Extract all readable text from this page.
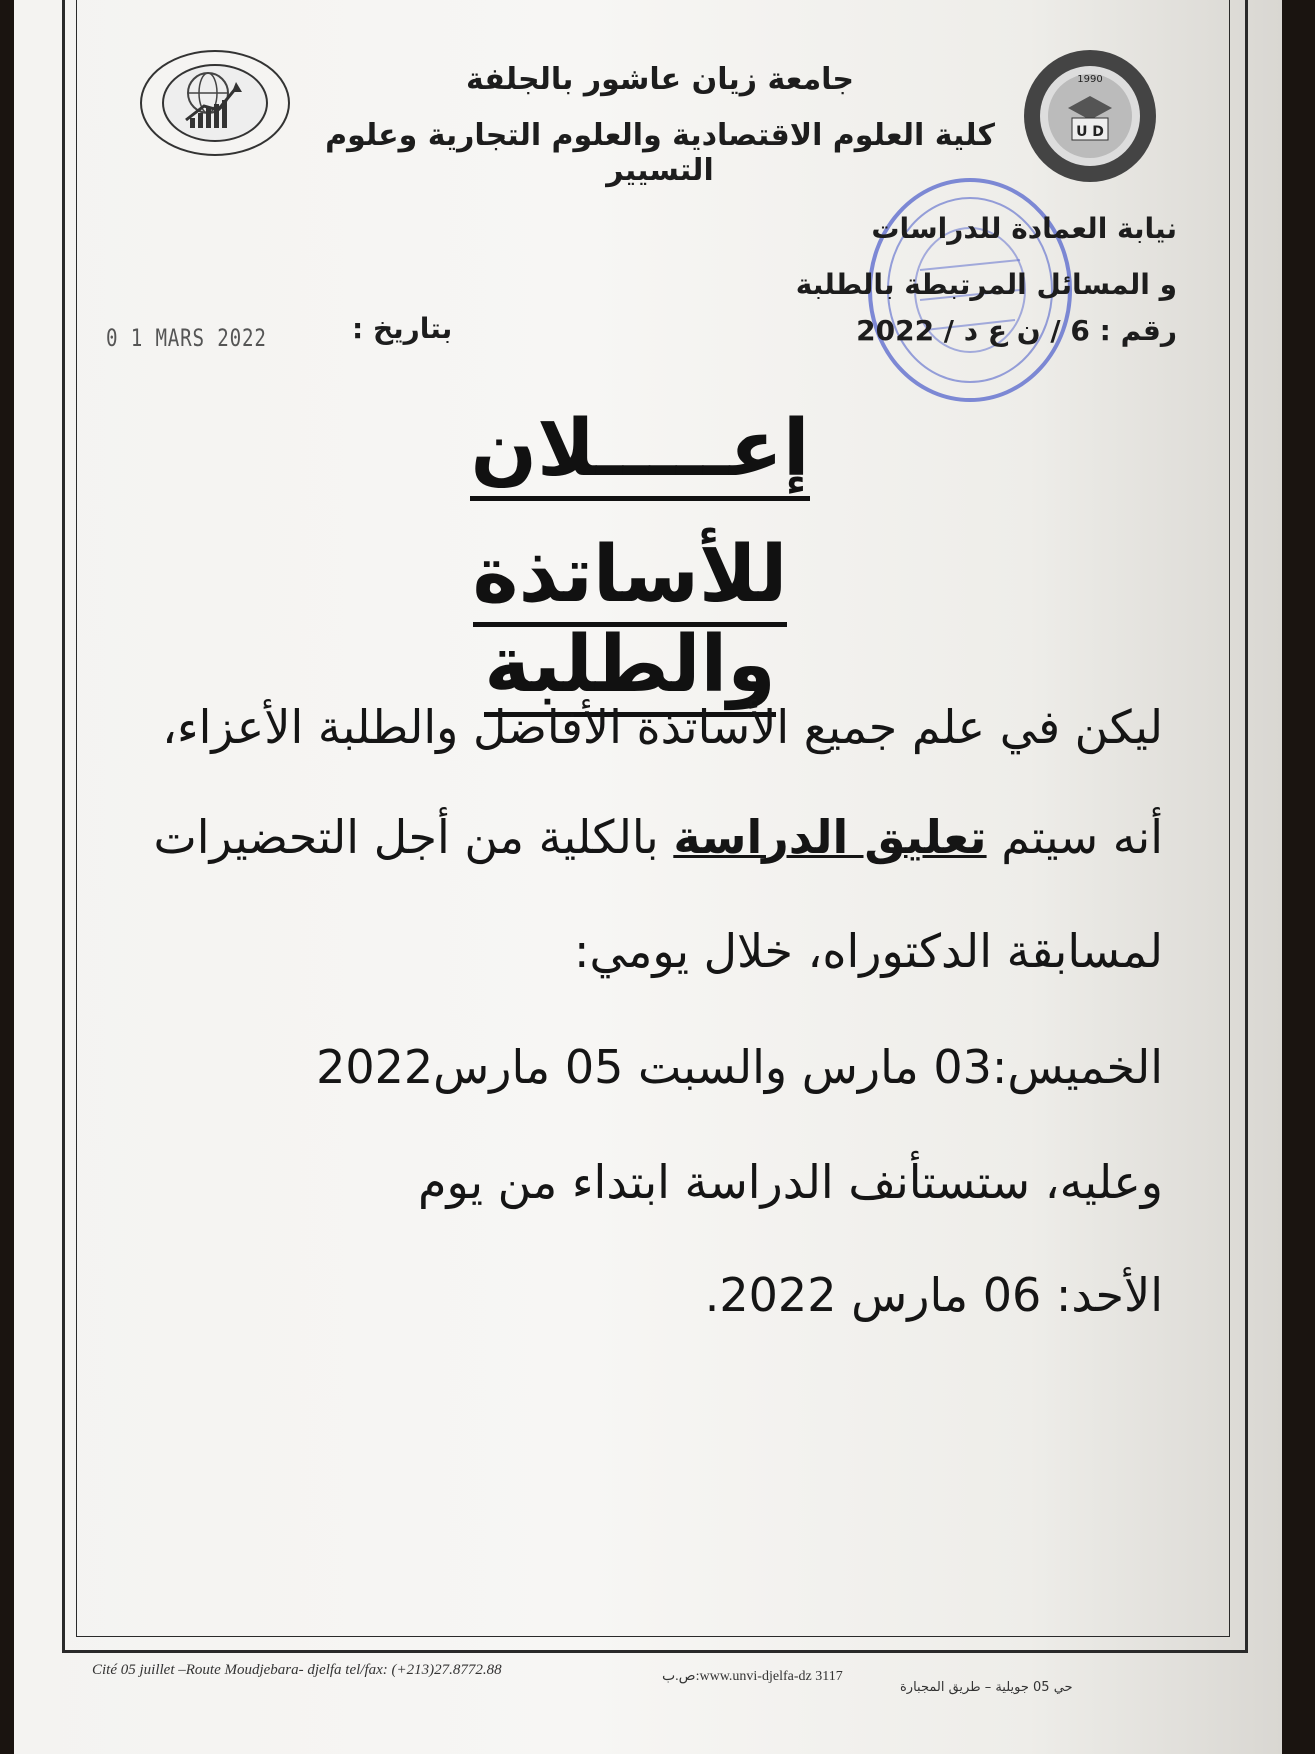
1990
U D
جامعة زيان عاشور بالجلفة
كلية العلوم الاقتصادية والعلوم التجارية وعلوم التسيير
نيابة العمادة للدراسات
و المسائل المرتبطة بالطلبة
رقم : 6 / ن ع د / 2022
بتاريخ :
0 1 MARS 2022
إعـــــلان
للأساتذة والطلبة
ليكن في علم جميع الأساتذة الأفاضل والطلبة الأعزاء،
أنه سيتم تعليق الدراسة بالكلية من أجل التحضيرات
لمسابقة الدكتوراه، خلال يومي:
الخميس:03 مارس والسبت 05 مارس2022
وعليه، ستستأنف الدراسة ابتداء من يوم
الأحد: 06 مارس 2022.
Cité 05 juillet –Route Moudjebara- djelfa tel/fax: (+213)27.8772.88	www.unvi-djelfa-dz 3117:ص.ب
حي 05 جويلية – طريق المجبارة
